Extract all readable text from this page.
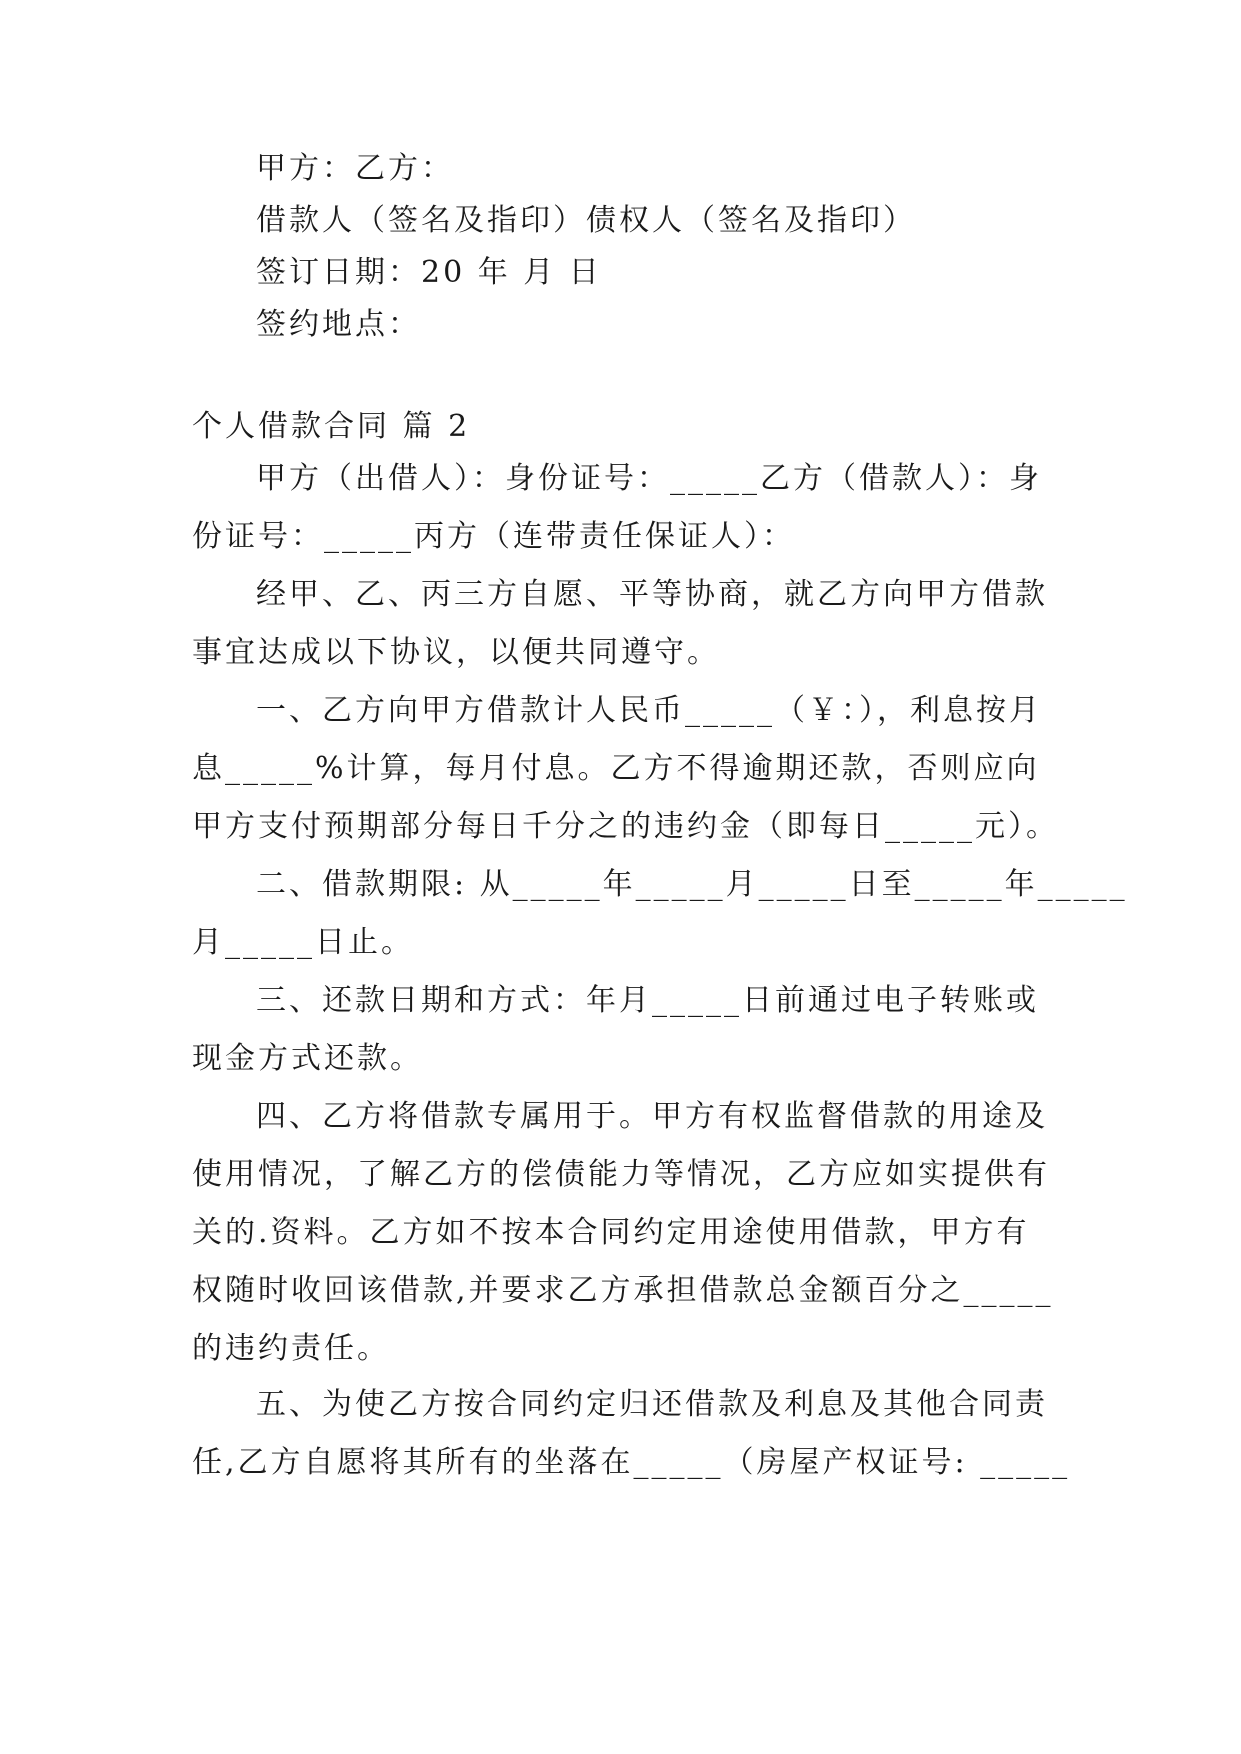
甲方：乙方：
借款人（签名及指印）债权人（签名及指印）
签订日期：20 年 月 日
签约地点：
个人借款合同 篇 2
甲方（出借人）：身份证号：_____乙方（借款人）：身
份证号：_____丙方（连带责任保证人）：
经甲、乙、丙三方自愿、平等协商，就乙方向甲方借款
事宜达成以下协议，以便共同遵守。
一、乙方向甲方借款计人民币_____（￥：），利息按月
息_____%计算，每月付息。乙方不得逾期还款，否则应向
甲方支付预期部分每日千分之的违约金（即每日_____元）。
二、借款期限: 从_____年_____月_____日至_____年_____
月_____日止。
三、还款日期和方式：年月_____日前通过电子转账或
现金方式还款。
四、乙方将借款专属用于。甲方有权监督借款的用途及
使用情况，了解乙方的偿债能力等情况，乙方应如实提供有
关的.资料。乙方如不按本合同约定用途使用借款，甲方有
权随时收回该借款,并要求乙方承担借款总金额百分之_____
的违约责任。
五、为使乙方按合同约定归还借款及利息及其他合同责
任,乙方自愿将其所有的坐落在_____（房屋产权证号: _____
